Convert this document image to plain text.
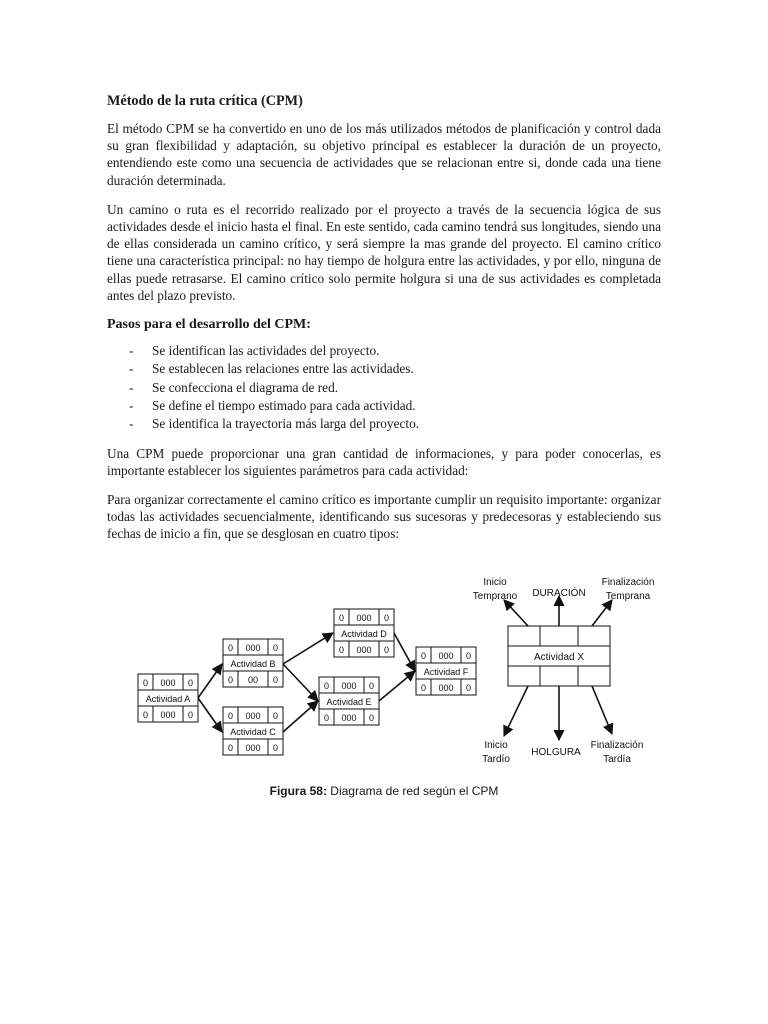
Método de la ruta crítica (CPM)

El método CPM se ha convertido en uno de los más utilizados métodos de planificación y control dada su gran flexibilidad y adaptación, su objetivo principal es establecer la duración de un proyecto, entendiendo este como una secuencia de actividades que se relacionan entre si, donde cada una tiene duración determinada.

Un camino o ruta es el recorrido realizado por el proyecto a través de la secuencia lógica de sus actividades desde el inicio hasta el final. En este sentido, cada camino tendrá sus longitudes, siendo una de ellas considerada un camino crítico, y será siempre la mas grande del proyecto. El camino crítico tiene una característica principal: no hay tiempo de holgura entre las actividades, y por ello, ninguna de ellas puede retrasarse. El camino crítico solo permite holgura si una de sus actividades es completada antes del plazo previsto.

Pasos para el desarrollo del CPM:
- Se identifican las actividades del proyecto.
- Se establecen las relaciones entre las actividades.
- Se confecciona el diagrama de red.
- Se define el tiempo estimado para cada actividad.
- Se identifica la trayectoria más larga del proyecto.

Una CPM puede proporcionar una gran cantidad de informaciones, y para poder conocerlas, es importante establecer los siguientes parámetros para cada actividad:

Para organizar correctamente el camino crítico es importante cumplir un requisito importante: organizar todas las actividades secuencialmente, identificando sus sucesoras y predecesoras y estableciendo sus fechas de inicio a fin, que se desglosan en cuatro tipos:

0 000 0
Actividad A
0 000 0
0 000 0
Actividad B
0 00 0
0 000 0
Actividad C
0 000 0
0 000 0
Actividad D
0 000 0
0 000 0
Actividad E
0 000 0
0 000 0
Actividad F
0 000 0
Actividad X
Inicio
Temprano DURACIÓN
Finalización
Temprana
Inicio
Tardío
HOLGURA
Finalización
Tardía
Figura 58: Diagrama de red según el CPM
